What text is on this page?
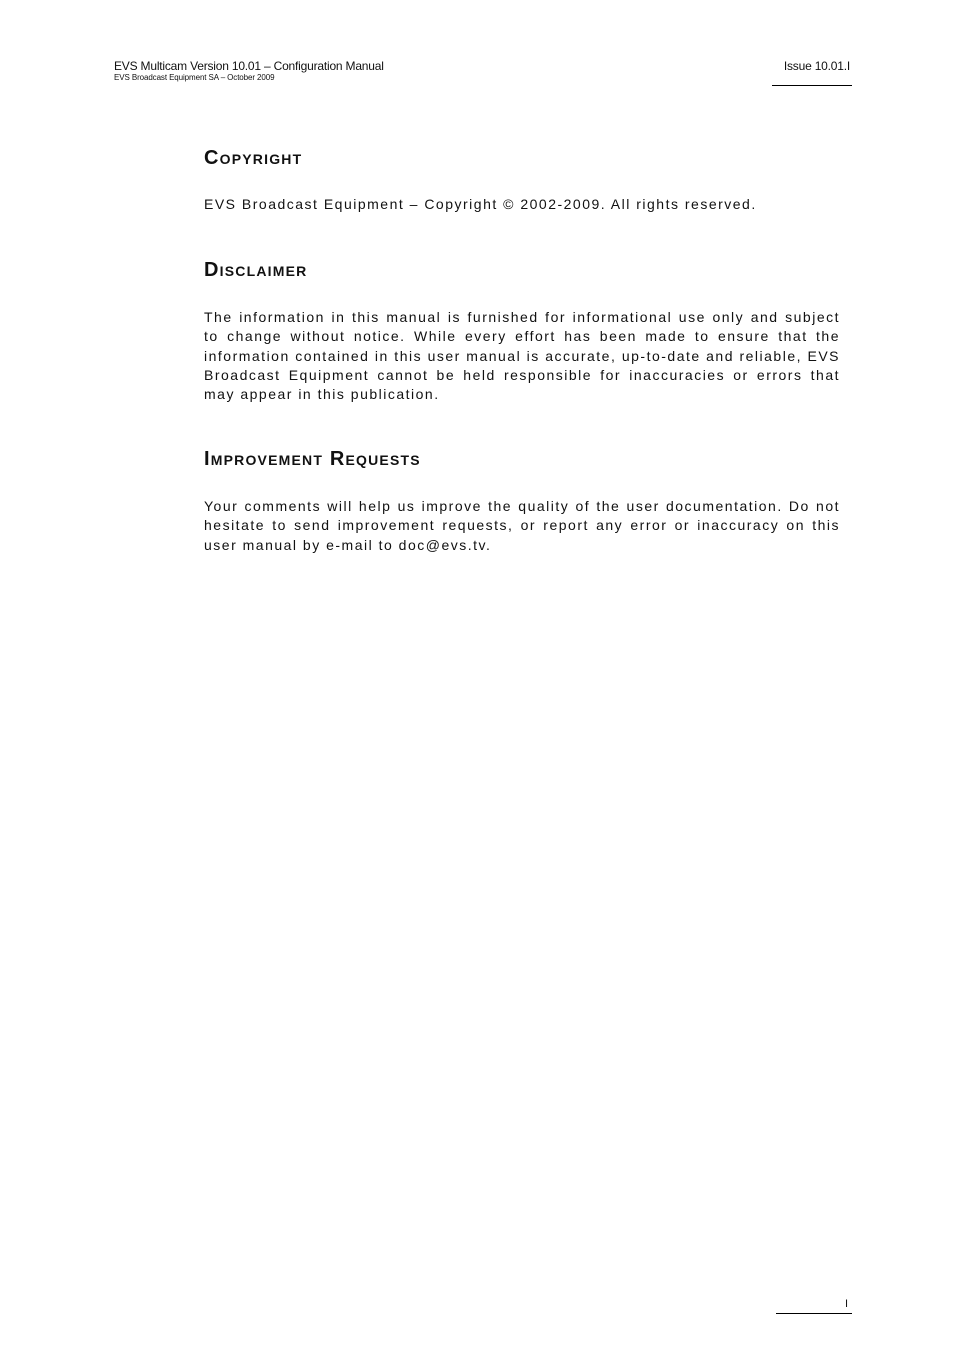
EVS Multicam Version 10.01 – Configuration Manual
EVS Broadcast Equipment SA – October 2009
Issue 10.01.I
Copyright

EVS Broadcast Equipment – Copyright © 2002-2009. All rights reserved.

Disclaimer

The information in this manual is furnished for informational use only and subject to change without notice. While every effort has been made to ensure that the information contained in this user manual is accurate, up-to-date and reliable, EVS Broadcast Equipment cannot be held responsible for inaccuracies or errors that may appear in this publication.

Improvement Requests

Your comments will help us improve the quality of the user documentation. Do not hesitate to send improvement requests, or report any error or inaccuracy on this user manual by e-mail to doc@evs.tv.

I
